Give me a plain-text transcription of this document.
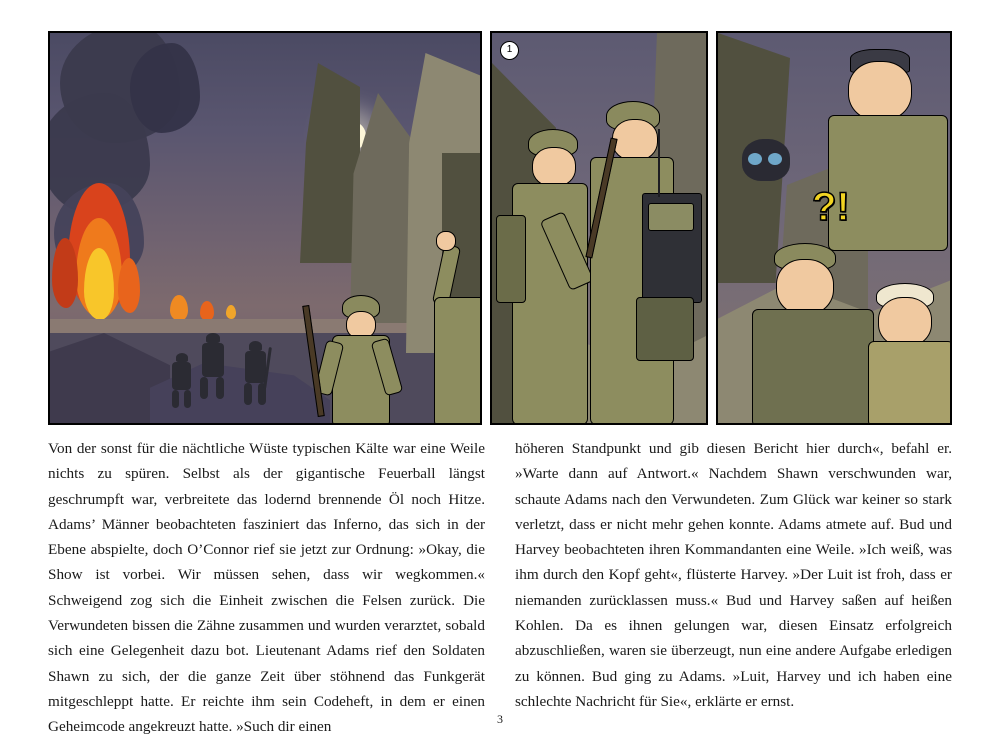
1
?!

Von der sonst für die nächtliche Wüste typischen Kälte war eine Weile nichts zu spüren. Selbst als der gigantische Feuerball längst geschrumpft war, verbreitete das lodernd brennende Öl noch Hitze. Adams’ Männer beobachteten fasziniert das Inferno, das sich in der Ebene abspielte, doch O’Connor rief sie jetzt zur Ordnung: »Okay, die Show ist vorbei. Wir müssen sehen, dass wir wegkommen.« Schweigend zog sich die Einheit zwischen die Felsen zurück. Die Verwundeten bissen die Zähne zusammen und wurden verarztet, sobald sich eine Gelegenheit dazu bot. Lieutenant Adams rief den Soldaten Shawn zu sich, der die ganze Zeit über stöhnend das Funkgerät mitgeschleppt hatte. Er reichte ihm sein Codeheft, in dem er einen Geheimcode angekreuzt hatte. »Such dir einen

höheren Standpunkt und gib diesen Bericht hier durch«, befahl er. »Warte dann auf Antwort.« Nachdem Shawn verschwunden war, schaute Adams nach den Verwundeten. Zum Glück war keiner so stark verletzt, dass er nicht mehr gehen konnte. Adams atmete auf. Bud und Harvey beobachteten ihren Kommandanten eine Weile. »Ich weiß, was ihm durch den Kopf geht«, flüsterte Harvey. »Der Luit ist froh, dass er niemanden zurücklassen muss.« Bud und Harvey saßen auf heißen Kohlen. Da es ihnen gelungen war, diesen Einsatz erfolgreich abzuschließen, waren sie überzeugt, nun eine andere Aufgabe erledigen zu können. Bud ging zu Adams. »Luit, Harvey und ich haben eine schlechte Nachricht für Sie«, erklärte er ernst.

3
